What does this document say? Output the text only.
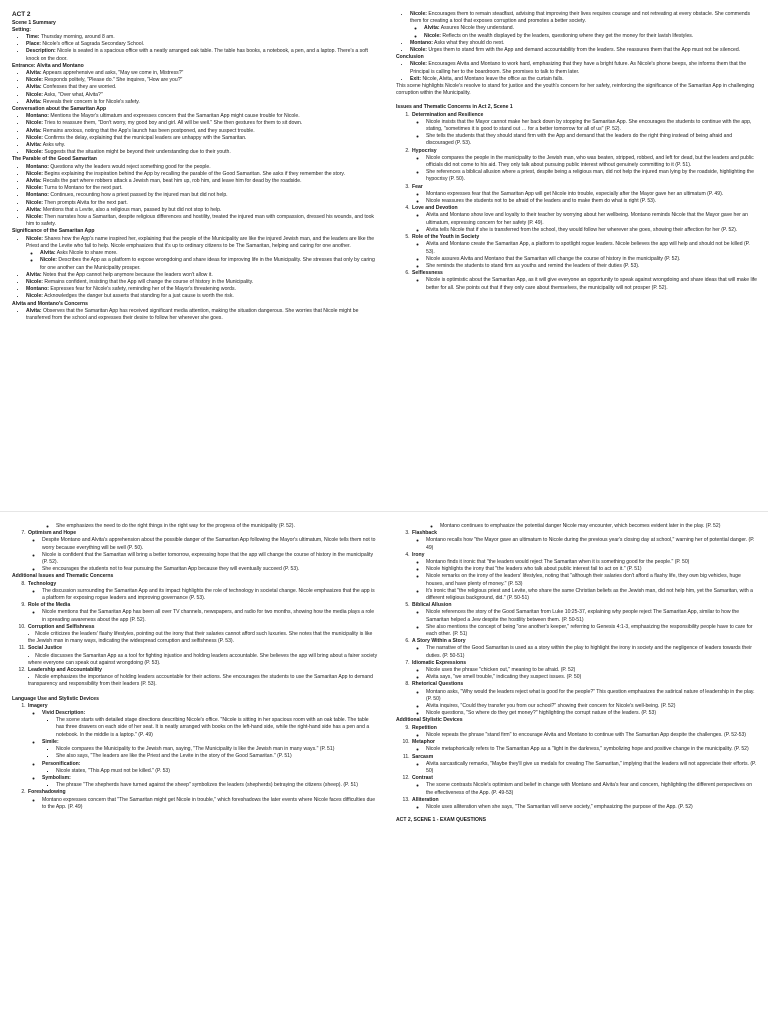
ACT 2
Scene 1 Summary
Setting:
• Time: Thursday morning, around 8 am.
• Place: Nicole's office at Sagrada Secondary School.
• Description: Nicole is seated in a spacious office with a neatly arranged oak table. The table has books, a notebook, a pen, and a laptop. There's a soft knock on the door.
Entrance: Alvita and Montano
• Alvita: Appears apprehensive and asks, "May we come in, Mistress?"
• Nicole: Responds politely, "Please do." She inquires, "How are you?"
• Alvita: Confesses that they are worried.
• Nicole: Asks, "Over what, Alvita?"
• Alvita: Reveals their concern is for Nicole's safety.
Conversation about the Samaritan App
• Montano: Mentions the Mayor's ultimatum and expresses concern that the Samaritan App might cause trouble for Nicole.
• Nicole: Tries to reassure them, "Don't worry, my good boy and girl. All will be well." She then gestures for them to sit down.
• Alvita: Remains anxious, noting that the App's launch has been postponed, and they suspect trouble.
• Nicole: Confirms the delay, explaining that the municipal leaders are unhappy with the Samaritan.
• Alvita: Asks why.
• Nicole: Suggests that the situation might be beyond their understanding due to their youth.
The Parable of the Good Samaritan
• Montano: Questions why the leaders would reject something good for the people.
• Nicole: Begins explaining the inspiration behind the App by recalling the parable of the Good Samaritan. She asks if they remember the story.
• Alvita: Recalls the part where robbers attack a Jewish man, beat him up, rob him, and leave him for dead by the roadside.
• Nicole: Turns to Montano for the next part.
• Montano: Continues, recounting how a priest passed by the injured man but did not help.
• Nicole: Then prompts Alvita for the next part.
• Alvita: Mentions that a Levite, also a religious man, passed by but did not stop to help.
• Nicole: Then narrates how a Samaritan, despite religious differences and hostility, treated the injured man with compassion, dressed his wounds, and took him to safety.
Significance of the Samaritan App
• Nicole: Shares how the App's name inspired her, explaining that the people of the Municipality are like the injured Jewish man, and the leaders are like the Priest and the Levite who fail to help. Nicole emphasizes that it's up to ordinary citizens to be The Samaritan, helping and caring for one another.
◦ Alvita: Asks Nicole to share more.
◦ Nicole: Describes the App as a platform to expose wrongdoing and share ideas for improving life in the Municipality. She stresses that only by caring for one another can the Municipality prosper.
• Alvita: Notes that the App cannot help anymore because the leaders won't allow it.
• Nicole: Remains confident, insisting that the App will change the course of history in the Municipality.
• Montano: Expresses fear for Nicole's safety, reminding her of the Mayor's threatening words.
• Nicole: Acknowledges the danger but asserts that standing for a just cause is worth the risk.
Alvita and Montano's Concerns
• Alvita: Observes that the Samaritan App has received significant media attention, making the situation dangerous. She worries that Nicole might be transferred from the school and expresses their desire to follow her wherever she goes.
• Nicole: Encourages them to remain steadfast, advising that improving their lives requires courage and not retreating at every obstacle. She commends them for creating a tool that exposes corruption and promotes a better society.
◦ Alvita: Assures Nicole they understand.
◦ Nicole: Reflects on the wealth displayed by the leaders, questioning where they get the money for their lavish lifestyles.
• Montano: Asks what they should do next.
• Nicole: Urges them to stand firm with the App and demand accountability from the leaders. She reassures them that the App must not be silenced.
Conclusion
• Nicole: Encourages Alvita and Montano to work hard, emphasizing that they have a bright future. As Nicole's phone beeps, she informs them that the Principal is calling her to the boardroom. She promises to talk to them later.
• Exit: Nicole, Alvita, and Montano leave the office as the curtain falls.
This scene highlights Nicole's resolve to stand for justice and the youth's concern for her safety, reinforcing the significance of the Samaritan App in challenging corruption within the Municipality.
Issues and Thematic Concerns in Act 2, Scene 1
1. Determination and Resilience
◦ Nicole insists that the Mayor cannot make her back down by stopping the Samaritan App. She encourages the students to continue with the app, stating, "sometimes it is good to stand out … for a better tomorrow for all of us" (P. 52).
◦ She tells the students that they should stand firm with the App and demand that the leaders do the right thing instead of being afraid and discouraged (P. 53).
2. Hypocrisy
◦ Nicole compares the people in the municipality to the Jewish man, who was beaten, stripped, robbed, and left for dead, but the leaders and public officials did not come to his aid. They only talk about pursuing public interest without genuinely committing to it (P. 51).
◦ She references a biblical allusion where a priest, despite being a religious man, did not help the injured man lying by the roadside, highlighting the hypocrisy (P. 50).
3. Fear
◦ Montano expresses fear that the Samaritan App will get Nicole into trouble, especially after the Mayor gave her an ultimatum (P. 49).
◦ Nicole reassures the students not to be afraid of the leaders and to make them do what is right (P. 53).
4. Love and Devotion
◦ Alvita and Montano show love and loyalty to their teacher by worrying about her wellbeing. Montano reminds Nicole that the Mayor gave her an ultimatum, expressing concern for her safety (P. 49).
◦ Alvita tells Nicole that if she is transferred from the school, they would follow her wherever she goes, showing their affection for her (P. 52).
5. Role of the Youth in Society
◦ Alvita and Montano create the Samaritan App, a platform to spotlight rogue leaders. Nicole believes the app will help and should not be killed (P. 53).
◦ Nicole assures Alvita and Montano that the Samaritan will change the course of history in the municipality (P. 52).
◦ She reminds the students to stand firm as youths and remind the leaders of their duties (P. 53).
6. Selflessness
◦ Nicole is optimistic about the Samaritan App, as it will give everyone an opportunity to speak against wrongdoing and share ideas that will make life better for all. She points out that if they only care about themselves, the municipality will not prosper (P. 52).
◦ She emphasizes the need to do the right things in the right way for the progress of the municipality (P. 52).
7. Optimism and Hope
◦ Despite Montano and Alvita's apprehension about the possible danger of the Samaritan App following the Mayor's ultimatum, Nicole tells them not to worry because everything will be well (P. 50).
◦ Nicole is confident that the Samaritan will bring a better tomorrow, expressing hope that the app will change the course of history in the municipality (P. 52).
◦ She encourages the students not to fear pursuing the Samaritan App because they will eventually succeed (P. 53).
Additional Issues and Thematic Concerns
8. Technology
◦ The discussion surrounding the Samaritan App and its impact highlights the role of technology in societal change. Nicole emphasizes that the app is a platform for exposing rogue leaders and improving governance (P. 53).
9. Role of the Media
◦ Nicole mentions that the Samaritan App has been all over TV channels, newspapers, and radio for two months, showing how the media plays a role in spreading awareness about the app (P. 52).
10. Corruption and Selfishness
• Nicole criticizes the leaders' flashy lifestyles, pointing out the irony that their salaries cannot afford such luxuries. She notes that the municipality is like the Jewish man in many ways, indicating the widespread corruption and selfishness (P. 53).
11. Social Justice
• Nicole discusses the Samaritan App as a tool for fighting injustice and holding leaders accountable. She believes the app will bring about a fairer society where everyone can speak out against wrongdoing (P. 53).
12. Leadership and Accountability
• Nicole emphasizes the importance of holding leaders accountable for their actions. She encourages the students to use the Samaritan App to demand transparency and responsibility from their leaders (P. 53).
Language Use and Stylistic Devices
1. Imagery
◦ Vivid Description:
▪ The scene starts with detailed stage directions describing Nicole's office. "Nicole is sitting in her spacious room with an oak table. The table has three drawers on each side of her seat. It is neatly arranged with books on the left-hand side, while the right-hand side has a pen and a notebook. In the middle is a laptop." (P. 49)
◦ Simile:
▪ Nicole compares the Municipality to the Jewish man, saying, "The Municipality is like the Jewish man in many ways." (P. 51)
▪ She also says, "The leaders are like the Priest and the Levite in the story of the Good Samaritan." (P. 51)
◦ Personification:
▪ Nicole states, "This App must not be killed." (P. 53)
◦ Symbolism:
▪ The phrase "The shepherds have turned against the sheep" symbolizes the leaders (shepherds) betraying the citizens (sheep). (P. 51)
2. Foreshadowing
◦ Montano expresses concern that "The Samaritan might get Nicole in trouble," which foreshadows the later events where Nicole faces difficulties due to the App. (P. 49)
◦ Montano continues to emphasize the potential danger Nicole may encounter, which becomes evident later in the play. (P. 52)
3. Flashback
◦ Montano recalls how "the Mayor gave an ultimatum to Nicole during the previous year's closing day at school," warning her of potential danger. (P. 49)
4. Irony
◦ Montano finds it ironic that "the leaders would reject The Samaritan when it is something good for the people." (P. 50)
◦ Nicole highlights the irony that "the leaders who talk about public interest fail to act on it." (P. 51)
◦ Nicole remarks on the irony of the leaders' lifestyles, noting that "although their salaries don't afford a flashy life, they own big vehicles, huge houses, and have plenty of money." (P. 53)
◦ It's ironic that "the religious priest and Levite, who share the same Christian beliefs as the Jewish man, did not help him, yet the Samaritan, with a different religious background, did." (P. 50-51)
5. Biblical Allusion
◦ Nicole references the story of the Good Samaritan from Luke 10:25-37, explaining why people reject The Samaritan App, similar to how the Samaritan helped a Jew despite the hostility between them. (P. 50-51)
◦ She also mentions the concept of being "one another's keeper," referring to Genesis 4:1-3, emphasizing the responsibility people have to care for each other. (P. 51)
6. A Story Within a Story
◦ The narrative of the Good Samaritan is used as a story within the play to highlight the irony in society and the negligence of leaders towards their duties. (P. 50-51)
7. Idiomatic Expressions
◦ Nicole uses the phrase "chicken out," meaning to be afraid. (P. 52)
◦ Alvita says, "we smell trouble," indicating they suspect issues. (P. 50)
8. Rhetorical Questions
◦ Montano asks, "Why would the leaders reject what is good for the people?" This question emphasizes the satirical nature of leadership in the play. (P. 50)
◦ Alvita inquires, "Could they transfer you from our school?" showing their concern for Nicole's well-being. (P. 52)
◦ Nicole questions, "So where do they get money?" highlighting the corrupt nature of the leaders. (P. 53)
Additional Stylistic Devices
9. Repetition
◦ Nicole repeats the phrase "stand firm" to encourage Alvita and Montano to continue with The Samaritan App despite the challenges. (P. 52-53)
10. Metaphor
◦ Nicole metaphorically refers to The Samaritan App as a "light in the darkness," symbolizing hope and positive change in the municipality. (P. 52)
11. Sarcasm
◦ Alvita sarcastically remarks, "Maybe they'll give us medals for creating The Samaritan," implying that the leaders will not appreciate their efforts. (P. 50)
12. Contrast
◦ The scene contrasts Nicole's optimism and belief in change with Montano and Alvita's fear and concern, highlighting the different perspectives on the effectiveness of the App. (P. 49-53)
13. Alliteration
◦ Nicole uses alliteration when she says, "The Samaritan will serve society," emphasizing the purpose of the App. (P. 52)
ACT 2, SCENE 1 - EXAM QUESTIONS
